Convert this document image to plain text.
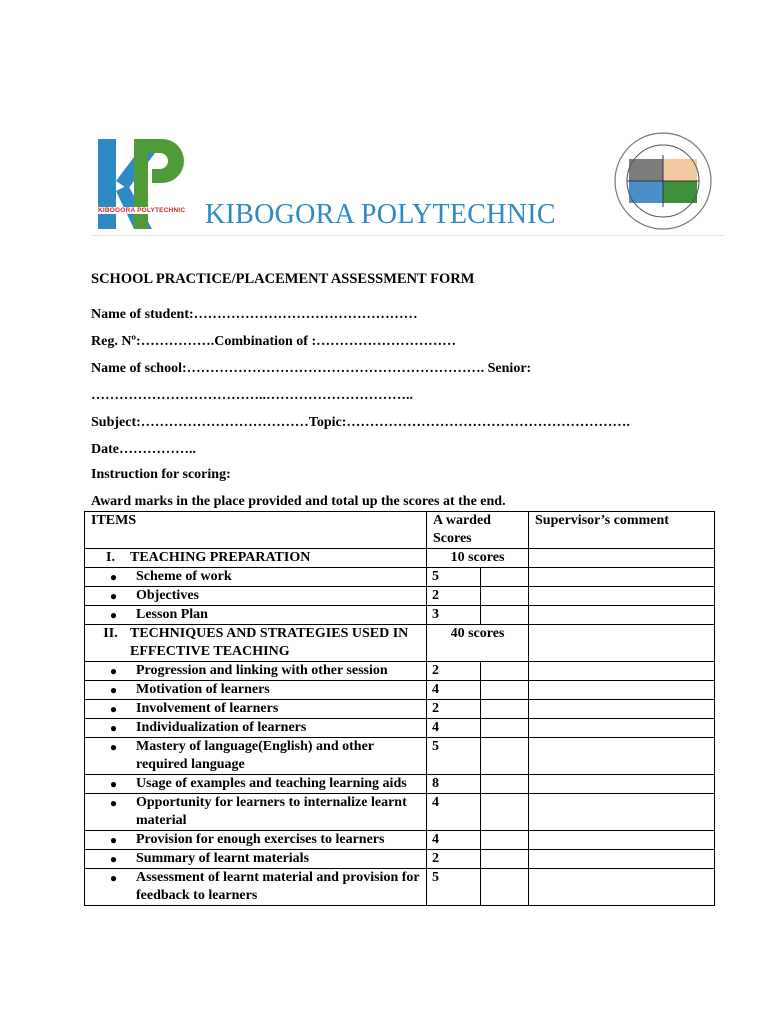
KIBOGORA POLYTECHNIC KIBOGORA POLYTECHNIC
SCHOOL PRACTICE/PLACEMENT ASSESSMENT FORM
Name of student:…………………………………………
Reg. Nº:…………….Combination of :…………………………
Name of school:………………………………………………………. Senior:
………………………………..…………………………..
Subject:………………………………Topic:…………………………………………………….
Date……………..
Instruction for scoring:
Award marks in the place provided and total up the scores at the end.
ITEMS	A warded Scores		Supervisor’s comment

I. TEACHING PREPARATION	10 scores		

● Scheme of work	5		

● Objectives	2		

● Lesson Plan	3		

II. TECHNIQUES AND STRATEGIES USED IN EFFECTIVE TEACHING	40 scores		

● Progression and linking with other session	2		

● Motivation of learners	4		

● Involvement of learners	2		

● Individualization of learners	4		

● Mastery of language(English) and other required language	5		

● Usage of examples and teaching learning aids	8		

● Opportunity for learners to internalize learnt material	4		

● Provision for enough exercises to learners	4		

● Summary of learnt materials	2		

● Assessment of learnt material and provision for feedback to learners	5		
